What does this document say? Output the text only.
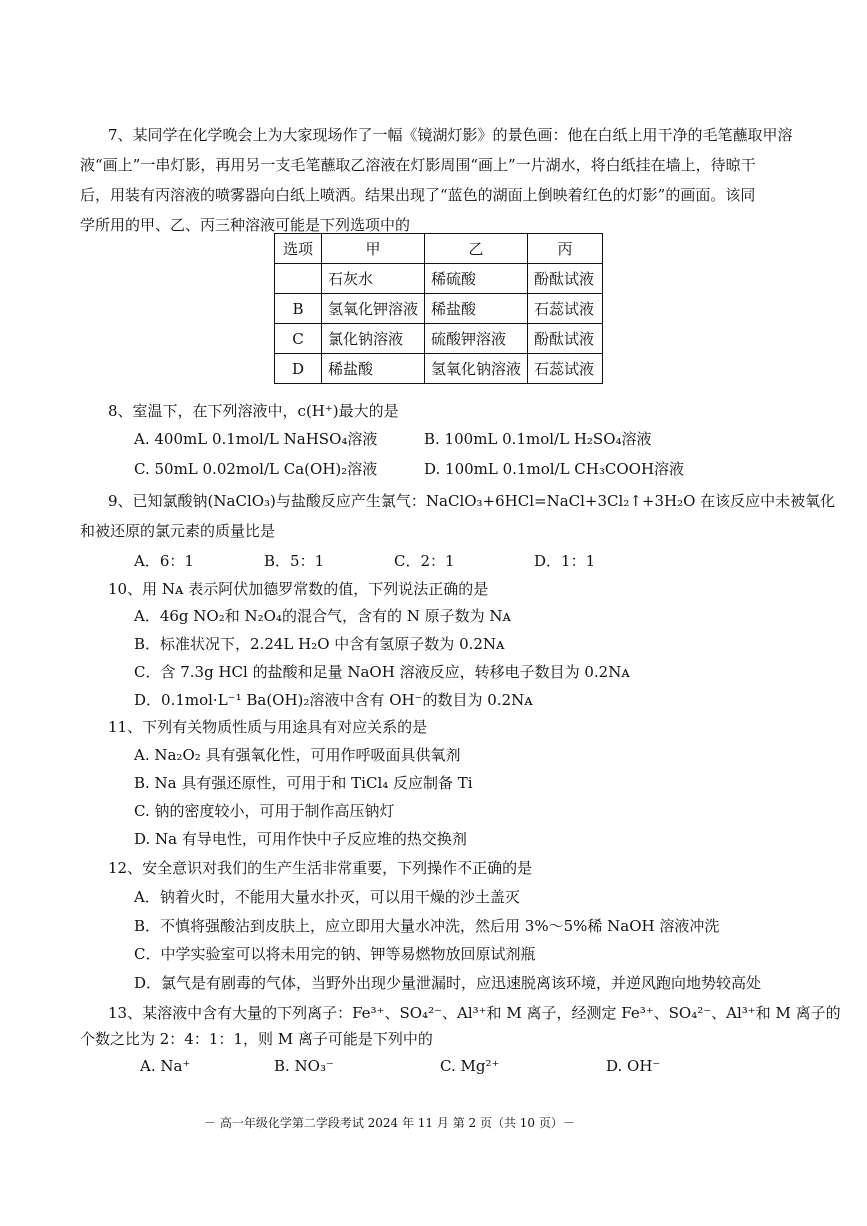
7、某同学在化学晚会上为大家现场作了一幅《镜湖灯影》的景色画：他在白纸上用干净的毛笔蘸取甲溶
液“画上”一串灯影，再用另一支毛笔蘸取乙溶液在灯影周围“画上”一片湖水，将白纸挂在墙上，待晾干
后，用装有丙溶液的喷雾器向白纸上喷洒。结果出现了“蓝色的湖面上倒映着红色的灯影”的画面。该同
学所用的甲、乙、丙三种溶液可能是下列选项中的
选项	甲	乙	丙
	石灰水	稀硫酸	酚酞试液
B	氢氧化钾溶液	稀盐酸	石蕊试液
C	氯化钠溶液	硫酸钾溶液	酚酞试液
D	稀盐酸	氢氧化钠溶液	石蕊试液
8、室温下，在下列溶液中，c(H⁺)最大的是
A. 400mL 0.1mol/L NaHSO₄溶液	B. 100mL 0.1mol/L H₂SO₄溶液
C. 50mL 0.02mol/L Ca(OH)₂溶液	D. 100mL 0.1mol/L CH₃COOH溶液
9、已知氯酸钠(NaClO₃)与盐酸反应产生氯气：NaClO₃+6HCl=NaCl+3Cl₂↑+3H₂O 在该反应中未被氧化
和被还原的氯元素的质量比是
A．6：1	B．5：1	C．2：1	D．1：1
10、用 Nᴀ 表示阿伏加德罗常数的值，下列说法正确的是
A．46g NO₂和 N₂O₄的混合气，含有的 N 原子数为 Nᴀ
B．标准状况下，2.24L H₂O 中含有氢原子数为 0.2Nᴀ
C．含 7.3g HCl 的盐酸和足量 NaOH 溶液反应，转移电子数目为 0.2Nᴀ
D．0.1mol·L⁻¹ Ba(OH)₂溶液中含有 OH⁻的数目为 0.2Nᴀ
11、下列有关物质性质与用途具有对应关系的是
A. Na₂O₂ 具有强氧化性，可用作呼吸面具供氧剂
B. Na 具有强还原性，可用于和 TiCl₄ 反应制备 Ti
C. 钠的密度较小，可用于制作高压钠灯
D. Na 有导电性，可用作快中子反应堆的热交换剂
12、安全意识对我们的生产生活非常重要，下列操作不正确的是
A．钠着火时，不能用大量水扑灭，可以用干燥的沙土盖灭
B．不慎将强酸沾到皮肤上，应立即用大量水冲洗，然后用 3%～5%稀 NaOH 溶液冲洗
C．中学实验室可以将未用完的钠、钾等易燃物放回原试剂瓶
D．氯气是有剧毒的气体，当野外出现少量泄漏时，应迅速脱离该环境，并逆风跑向地势较高处
13、某溶液中含有大量的下列离子：Fe³⁺、SO₄²⁻、Al³⁺和 M 离子，经测定 Fe³⁺、SO₄²⁻、Al³⁺和 M 离子的
个数之比为 2：4：1：1，则 M 离子可能是下列中的
A. Na⁺	B. NO₃⁻	C. Mg²⁺	D. OH⁻
－ 高一年级化学第二学段考试 2024 年 11 月 第 2 页（共 10 页）－
